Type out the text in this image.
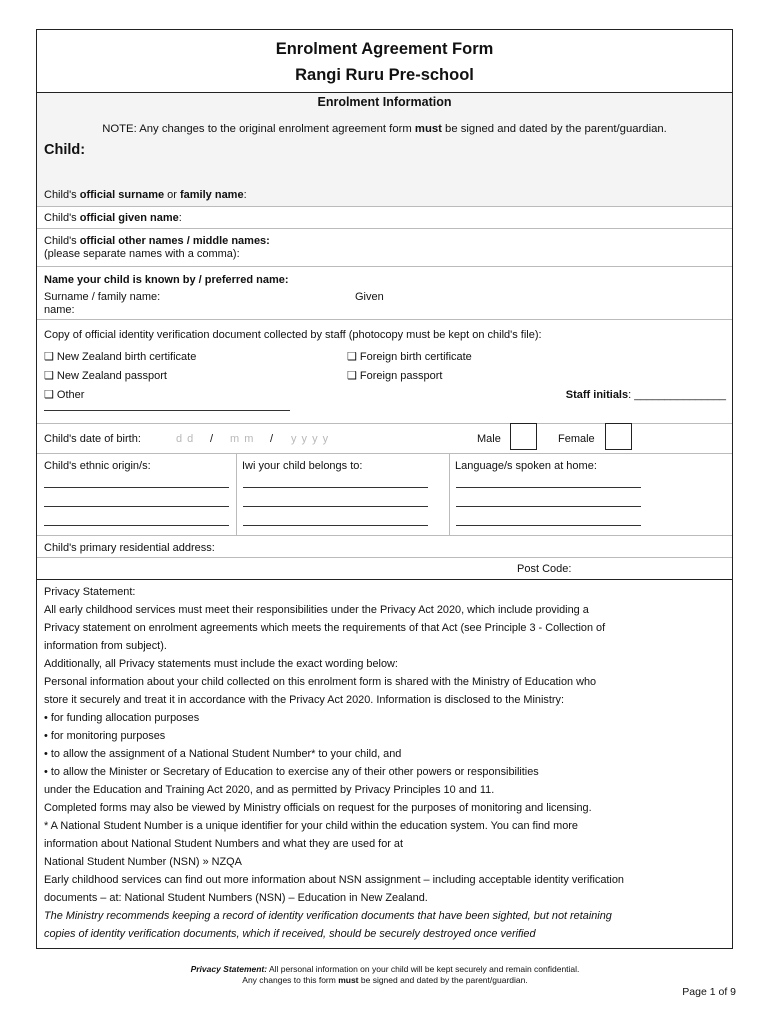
Enrolment Agreement Form
Rangi Ruru Pre-school
Enrolment Information
NOTE: Any changes to the original enrolment agreement form must be signed and dated by the parent/guardian.
Child:
Child's official surname or family name:
Child's official given name:
Child's official other names / middle names:
(please separate names with a comma):
Name your child is known by / preferred name:
Surname / family name:	Given
name:
Copy of official identity verification document collected by staff (photocopy must be kept on child's file):
❑ New Zealand birth certificate	❑ Foreign birth certificate
❑ New Zealand passport	❑ Foreign passport
❑ Other	Staff initials: _______________
Child's date of birth:	d d / m m / y y y y	Male	Female
Child's ethnic origin/s:	Iwi your child belongs to:	Language/s spoken at home:
Child's primary residential address:
Post Code:

Privacy Statement:

All early childhood services must meet their responsibilities under the Privacy Act 2020, which include providing a

Privacy statement on enrolment agreements which meets the requirements of that Act (see Principle 3 - Collection of

information from subject).

Additionally, all Privacy statements must include the exact wording below:

Personal information about your child collected on this enrolment form is shared with the Ministry of Education who

store it securely and treat it in accordance with the Privacy Act 2020. Information is disclosed to the Ministry:

• for funding allocation purposes

• for monitoring purposes

• to allow the assignment of a National Student Number* to your child, and

• to allow the Minister or Secretary of Education to exercise any of their other powers or responsibilities

under the Education and Training Act 2020, and as permitted by Privacy Principles 10 and 11.

Completed forms may also be viewed by Ministry officials on request for the purposes of monitoring and licensing.

* A National Student Number is a unique identifier for your child within the education system. You can find more

information about National Student Numbers and what they are used for at

National Student Number (NSN) » NZQA

Early childhood services can find out more information about NSN assignment – including acceptable identity verification

documents – at: National Student Numbers (NSN) – Education in New Zealand.

The Ministry recommends keeping a record of identity verification documents that have been sighted, but not retaining

copies of identity verification documents, which if received, should be securely destroyed once verified

Privacy Statement: All personal information on your child will be kept securely and remain confidential.
Any changes to this form must be signed and dated by the parent/guardian.
Page 1 of 9
